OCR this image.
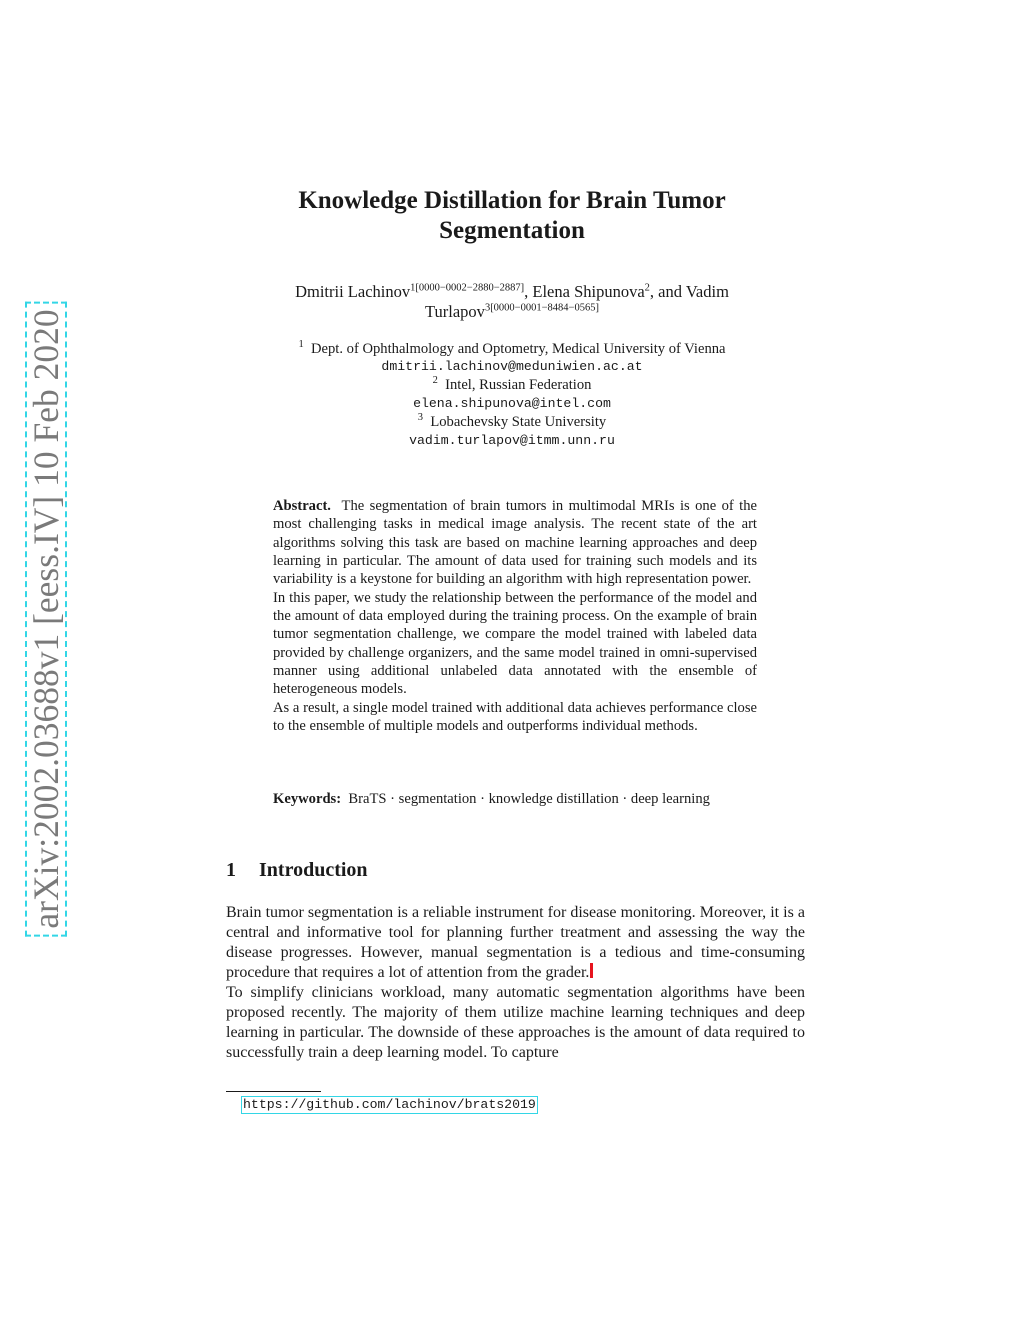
arXiv:2002.03688v1 [eess.IV] 10 Feb 2020
Knowledge Distillation for Brain Tumor
Segmentation
Dmitrii Lachinov$^{1[0000-0002-2880-2887]}$, Elena Shipunova$^2$, and Vadim
Turlapov$^{3[0000-0001-8484-0565]}$
$^1$ Dept. of Ophthalmology and Optometry, Medical University of Vienna
dmitrii.lachinov@meduniwien.ac.at
$^2$ Intel, Russian Federation
elena.shipunova@intel.com
$^3$ Lobachevsky State University
vadim.turlapov@itmm.unn.ru

Abstract. The segmentation of brain tumors in multimodal MRIs is one of the most challenging tasks in medical image analysis. The recent state of the art algorithms solving this task are based on machine learning approaches and deep learning in particular. The amount of data used for training such models and its variability is a keystone for building an algorithm with high representation power.

In this paper, we study the relationship between the performance of the model and the amount of data employed during the training process. On the example of brain tumor segmentation challenge, we compare the model trained with labeled data provided by challenge organizers, and the same model trained in omni-supervised manner using additional unlabeled data annotated with the ensemble of heterogeneous models.

As a result, a single model trained with additional data achieves performance close to the ensemble of multiple models and outperforms individual methods.

Keywords: BraTS · segmentation · knowledge distillation · deep learning
1 Introduction

Brain tumor segmentation is a reliable instrument for disease monitoring. Moreover, it is a central and informative tool for planning further treatment and assessing the way the disease progresses. However, manual segmentation is a tedious and time-consuming procedure that requires a lot of attention from the grader.

To simplify clinicians workload, many automatic segmentation algorithms have been proposed recently. The majority of them utilize machine learning techniques and deep learning in particular. The downside of these approaches is the amount of data required to successfully train a deep learning model. To capture

https://github.com/lachinov/brats2019
